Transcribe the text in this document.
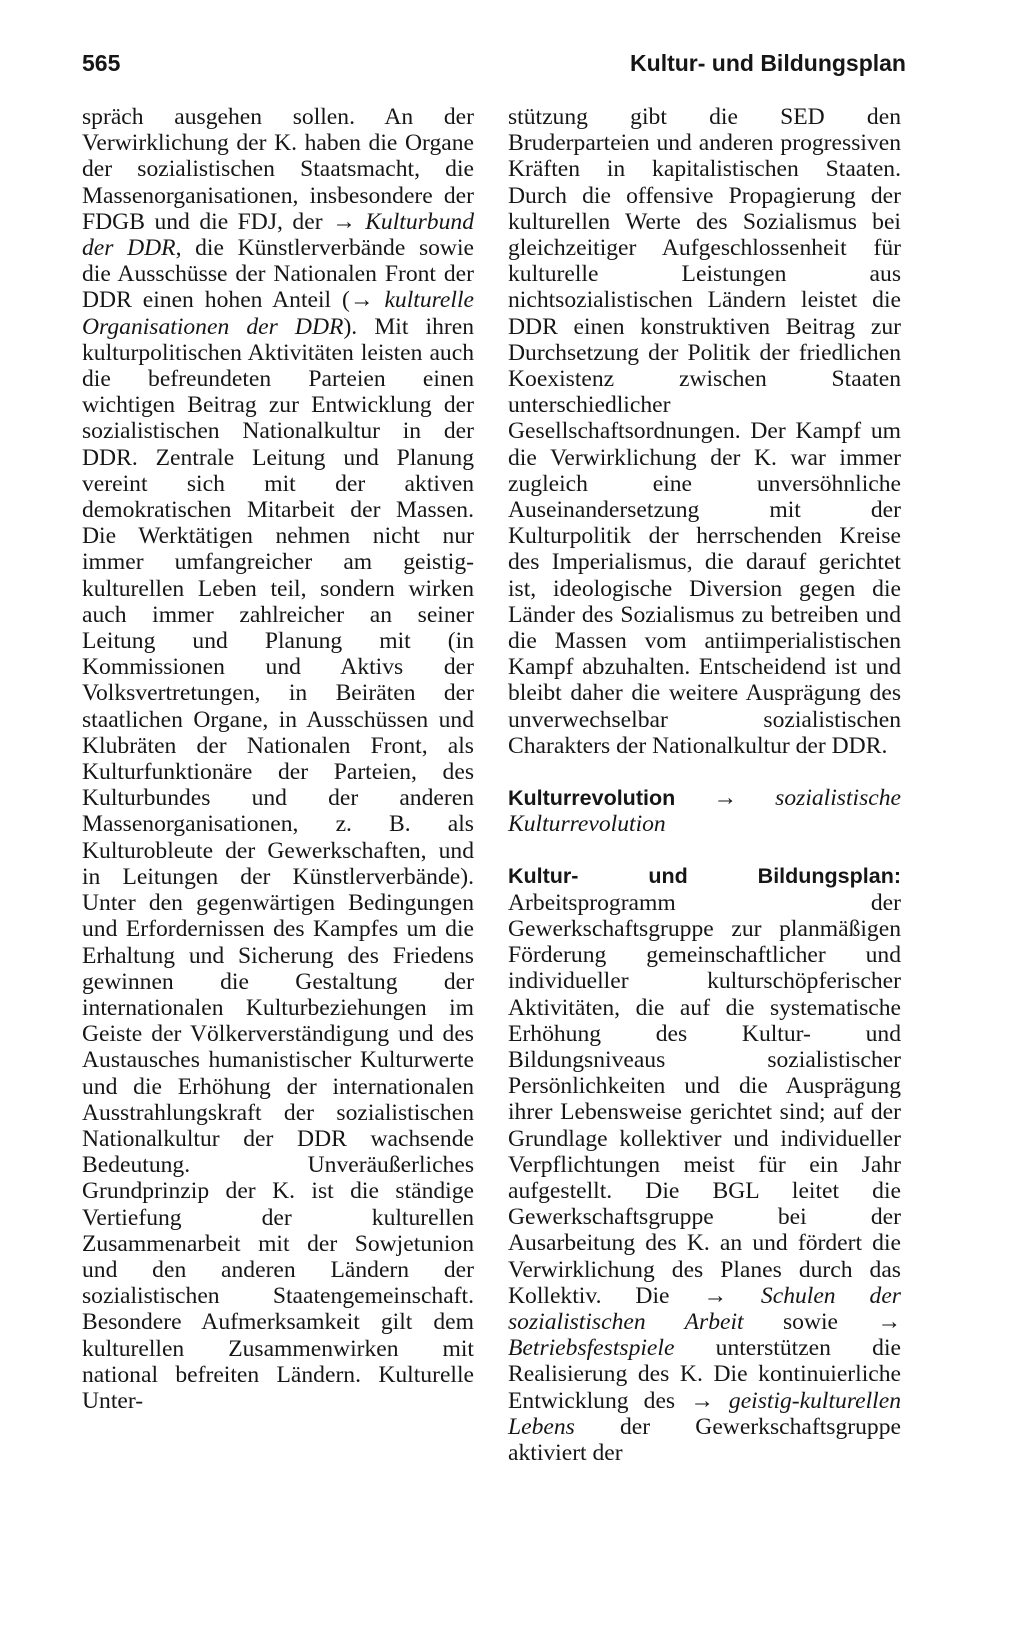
565	Kultur- und Bildungsplan

spräch ausgehen sollen. An der Verwirklichung der K. haben die Organe der sozialistischen Staatsmacht, die Massenorganisationen, insbesondere der FDGB und die FDJ, der → Kulturbund der DDR, die Künstlerverbände sowie die Ausschüsse der Nationalen Front der DDR einen hohen Anteil (→ kulturelle Organisationen der DDR). Mit ihren kulturpolitischen Aktivitäten leisten auch die befreundeten Parteien einen wichtigen Beitrag zur Entwicklung der sozialistischen Nationalkultur in der DDR. Zentrale Leitung und Planung vereint sich mit der aktiven demokratischen Mitarbeit der Massen. Die Werktätigen nehmen nicht nur immer umfangreicher am geistig-kulturellen Leben teil, sondern wirken auch immer zahlreicher an seiner Leitung und Planung mit (in Kommissionen und Aktivs der Volksvertretungen, in Beiräten der staatlichen Organe, in Ausschüssen und Klubräten der Nationalen Front, als Kulturfunktionäre der Parteien, des Kulturbundes und der anderen Massenorganisationen, z. B. als Kulturobleute der Gewerkschaften, und in Leitungen der Künstlerverbände). Unter den gegenwärtigen Bedingungen und Erfordernissen des Kampfes um die Erhaltung und Sicherung des Friedens gewinnen die Gestaltung der internationalen Kulturbeziehungen im Geiste der Völkerverständigung und des Austausches humanistischer Kulturwerte und die Erhöhung der internationalen Ausstrahlungskraft der sozialistischen Nationalkultur der DDR wachsende Bedeutung. Unveräußerliches Grundprinzip der K. ist die ständige Vertiefung der kulturellen Zusammenarbeit mit der Sowjetunion und den anderen Ländern der sozialistischen Staatengemeinschaft. Besondere Aufmerksamkeit gilt dem kulturellen Zusammenwirken mit national befreiten Ländern. Kulturelle Unter-

stützung gibt die SED den Bruderparteien und anderen progressiven Kräften in kapitalistischen Staaten. Durch die offensive Propagierung der kulturellen Werte des Sozialismus bei gleichzeitiger Aufgeschlossenheit für kulturelle Leistungen aus nichtsozialistischen Ländern leistet die DDR einen konstruktiven Beitrag zur Durchsetzung der Politik der friedlichen Koexistenz zwischen Staaten unterschiedlicher Gesellschaftsordnungen. Der Kampf um die Verwirklichung der K. war immer zugleich eine unversöhnliche Auseinandersetzung mit der Kulturpolitik der herrschenden Kreise des Imperialismus, die darauf gerichtet ist, ideologische Diversion gegen die Länder des Sozialismus zu betreiben und die Massen vom antiimperialistischen Kampf abzuhalten. Entscheidend ist und bleibt daher die weitere Ausprägung des unverwechselbar sozialistischen Charakters der Nationalkultur der DDR.

Kulturrevolution → sozialistische Kulturrevolution

Kultur- und Bildungsplan: Arbeitsprogramm der Gewerkschaftsgruppe zur planmäßigen Förderung gemeinschaftlicher und individueller kulturschöpferischer Aktivitäten, die auf die systematische Erhöhung des Kultur- und Bildungsniveaus sozialistischer Persönlichkeiten und die Ausprägung ihrer Lebensweise gerichtet sind; auf der Grundlage kollektiver und individueller Verpflichtungen meist für ein Jahr aufgestellt. Die BGL leitet die Gewerkschaftsgruppe bei der Ausarbeitung des K. an und fördert die Verwirklichung des Planes durch das Kollektiv. Die → Schulen der sozialistischen Arbeit sowie → Betriebsfestspiele unterstützen die Realisierung des K. Die kontinuierliche Entwicklung des → geistig-kulturellen Lebens der Gewerkschaftsgruppe aktiviert der
